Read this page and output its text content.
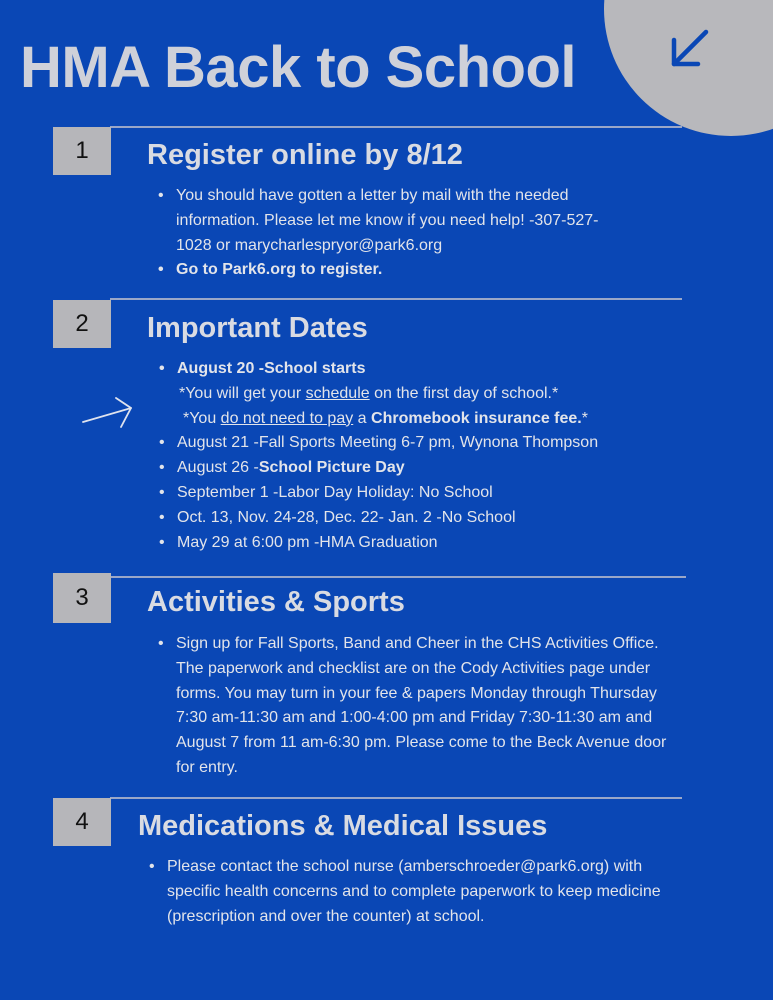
HMA Back to School
1	Register online by 8/12
• You should have gotten a letter by mail with the needed information. Please let me know if you need help! -307-527-1028 or marycharlespryor@park6.org
• Go to Park6.org to register.
2	Important Dates
• August 20 -School starts
*You will get your schedule on the first day of school.*
*You do not need to pay a Chromebook insurance fee.*
• August 21 -Fall Sports Meeting 6-7 pm, Wynona Thompson
• August 26 -School Picture Day
• September 1 -Labor Day Holiday: No School
• Oct. 13, Nov. 24-28, Dec. 22- Jan. 2 -No School
• May 29 at 6:00 pm -HMA Graduation
3	Activities & Sports
• Sign up for Fall Sports, Band and Cheer in the CHS Activities Office. The paperwork and checklist are on the Cody Activities page under forms. You may turn in your fee & papers Monday through Thursday 7:30 am-11:30 am and 1:00-4:00 pm and Friday 7:30-11:30 am and August 7 from 11 am-6:30 pm. Please come to the Beck Avenue door for entry.
4	Medications & Medical Issues
• Please contact the school nurse (amberschroeder@park6.org) with specific health concerns and to complete paperwork to keep medicine (prescription and over the counter) at school.
